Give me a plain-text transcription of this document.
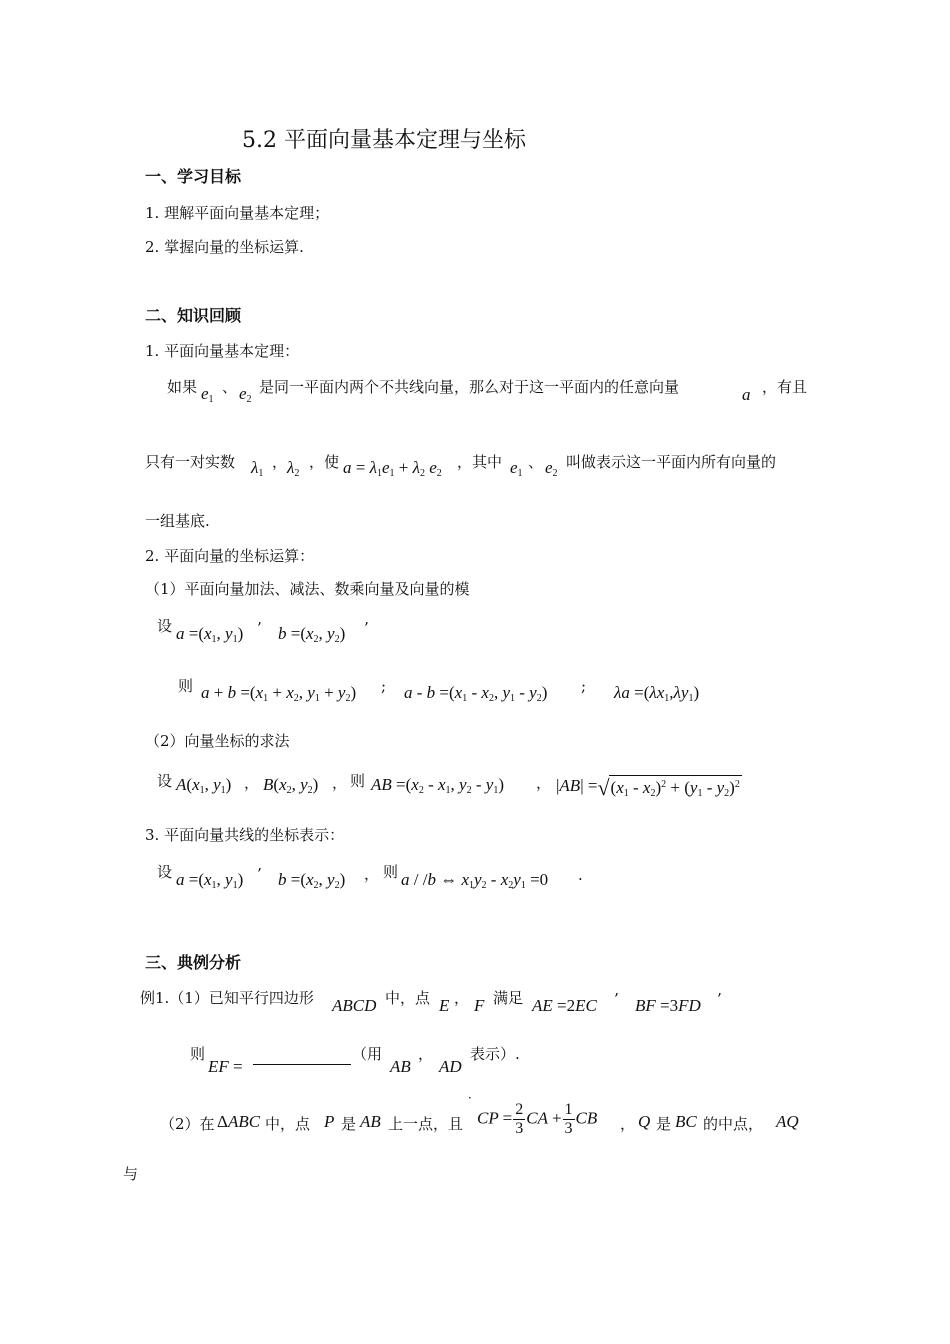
5.2 平面向量基本定理与坐标
一、学习目标
1. 理解平面向量基本定理；
2. 掌握向量的坐标运算.
二、知识回顾
1. 平面向量基本定理：
如果 $e_1$
、 $e_2$
是同一平面内两个不共线向量，那么对于这一平面内的任意向量	a ，有且
只有一对实数 $\lambda_1$
， $\lambda_2$
，使 $a = \lambda_1e_1 + \lambda_2$ $e_2$
，其中 $e_1$
、 $e_2$
叫做表示这一平面内所有向量的
一组基底.
2. 平面向量的坐标运算：
（1）平面向量加法、减法、数乘向量及向量的模
设 $a =(x_1$, $y_1$) ’ $b =(x_2$, $y_2$) ’
则 $a + b =(x_1 + x_2$, $y_1 + y_2$) ; $a - b =(x_1 - x_2$, $y_1 - y_2$) ; $\lambda a =(\lambda x_1,\lambda y_1)$
（2）向量坐标的求法
设 $A(x_1$, $y_1$) ， $B(x_2$, $y_2$) ， 则 AB $=(x_2 - x_1$, $y_2 - y_1$) ， |AB| = √ $(x_1 - x_2)^2 + (y_1 - y_2)^2$
3. 平面向量共线的坐标表示：
设 $a =(x_1$, $y_1$) ’ $b =(x_2$, $y_2$) ， 则 a / /b ⇔ $x_1y_2 - x_2y_1 =0$ .
三、典例分析
例1.（1）已知平行四边形 ABCD 中，点 E ， F 满足 AE =2EC ’ BF =3FD ’
则
EF =
（用
AB
，
AD
表示）.
．
（2）在 ΔABC 中，点 P 是 AB 上一点，且 CP = $\frac{2}{3}$ CA + $\frac{1}{3}$ CB ， Q 是 BC 的中点， AQ
与
